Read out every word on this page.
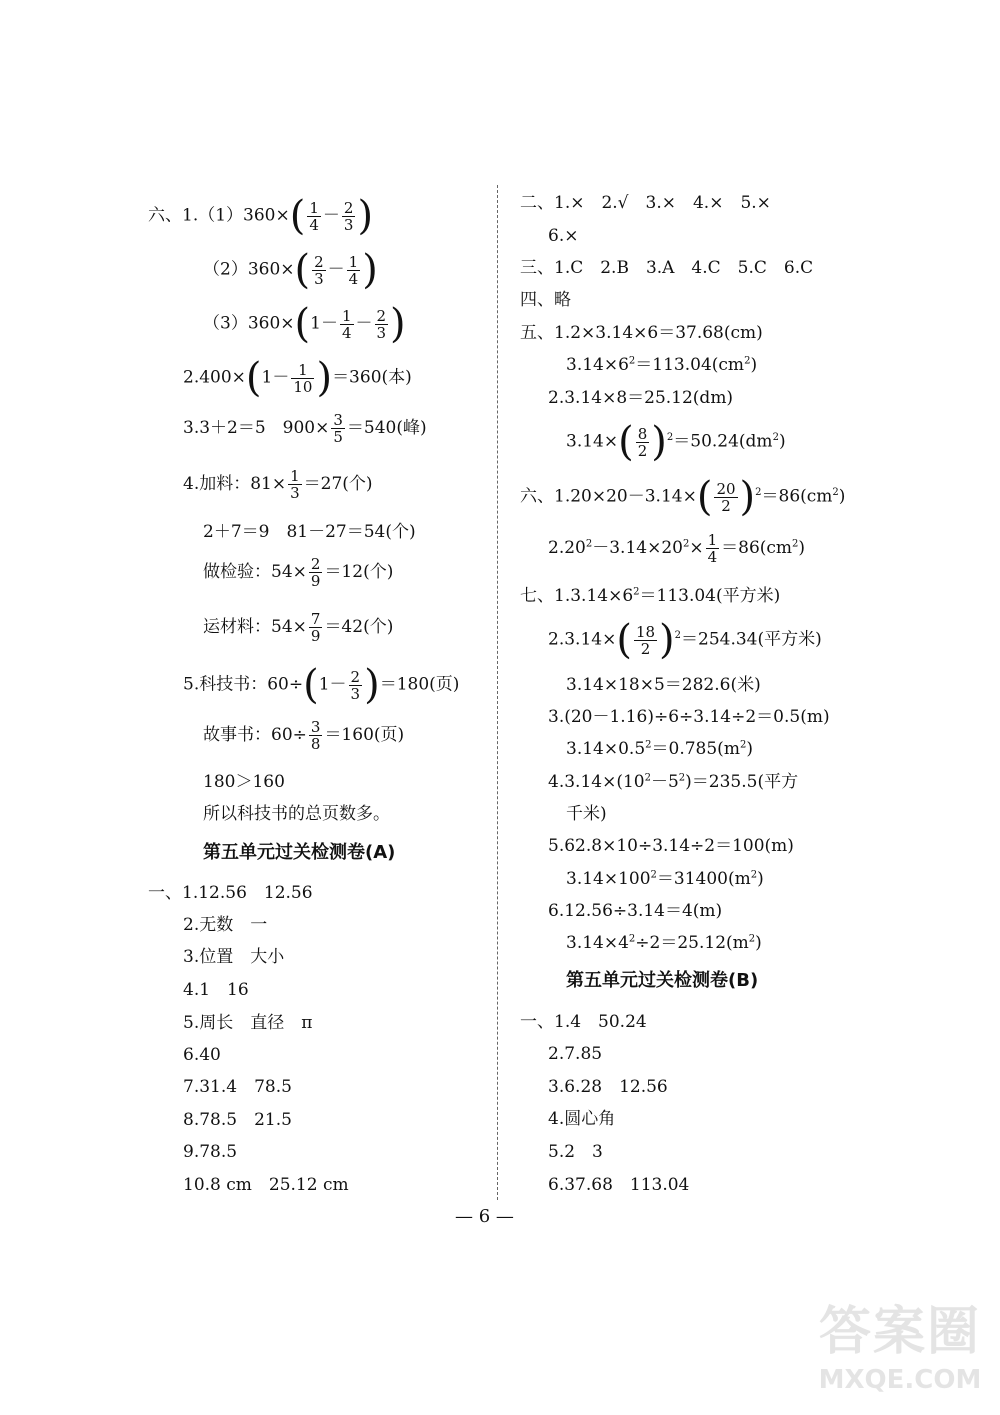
六、$1.(1)360\times( \frac{1}{4} - \frac{2}{3}$ )
$(2)360\times( \frac{2}{3} - \frac{1}{4}$ )
$(3)360\times(1- \frac{1}{4} - \frac{2}{3}$ )
$2.400\times(1- \frac{1}{10} )=360$(本)
3.3＋2＝5　$900\times \frac{3}{5} =540$(峰)
4.加料：$81\times \frac{1}{3} =27$(个)
2＋7＝9　81－27＝54(个)
做检验：$54\times \frac{2}{9} =12$(个)
运材料：$54\times \frac{7}{9} =42$(个)
5.科技书：$60\div(1- \frac{2}{3} )=180$(页)
故事书：$60\div \frac{3}{8} =160$(页)
180＞160
所以科技书的总页数多。
第五单元过关检测卷(A)
一、1.12.56　12.56
2.无数　一
3.位置　大小
4.1　16
5.周长　直径　π
6.40
7.31.4　78.5
8.78.5　21.5
9.78.5
10.8 cm　25.12 cm
二、1.×　2.√　3.×　4.×　5.×
6.×
三、1.C　2.B　3.A　4.C　5.C　6.C
四、略
五、1.2×3.14×6＝37.68(cm)
$3.14\times 6^2=113.04(cm^2)$
2.3.14×8＝25.12(dm)
$3.14\times( \frac{8}{2} )^2=50.24(dm^2)$
六、$1.20\times 20-3.14\times( \frac{20}{2} )^2=86(cm^2)$
$2.20^2-3.14\times 20^2\times \frac{1}{4} =86(cm^2)$
七、$1.3.14\times 6^2=113.04$(平方米)
$2.3.14\times( \frac{18}{2} )^2=254.34$(平方米)
3.14×18×5＝282.6(米)
3.(20－1.16)÷6÷3.14÷2＝0.5(m)
$3.14\times 0.5^2=0.785(m^2)$
$4.3.14\times(10^2-5^2)=235.5$(平方
千米)
5.62.8×10÷3.14÷2＝100(m)
$3.14\times 100^2=31400(m^2)$
6.12.56÷3.14＝4(m)
$3.14\times 4^2\div 2=25.12(m^2)$
第五单元过关检测卷(B)
一、1.4　50.24
2.7.85
3.6.28　12.56
4.圆心角
5.2　3
6.37.68　113.04
— 6 —
答案圈
MXQE.COM
